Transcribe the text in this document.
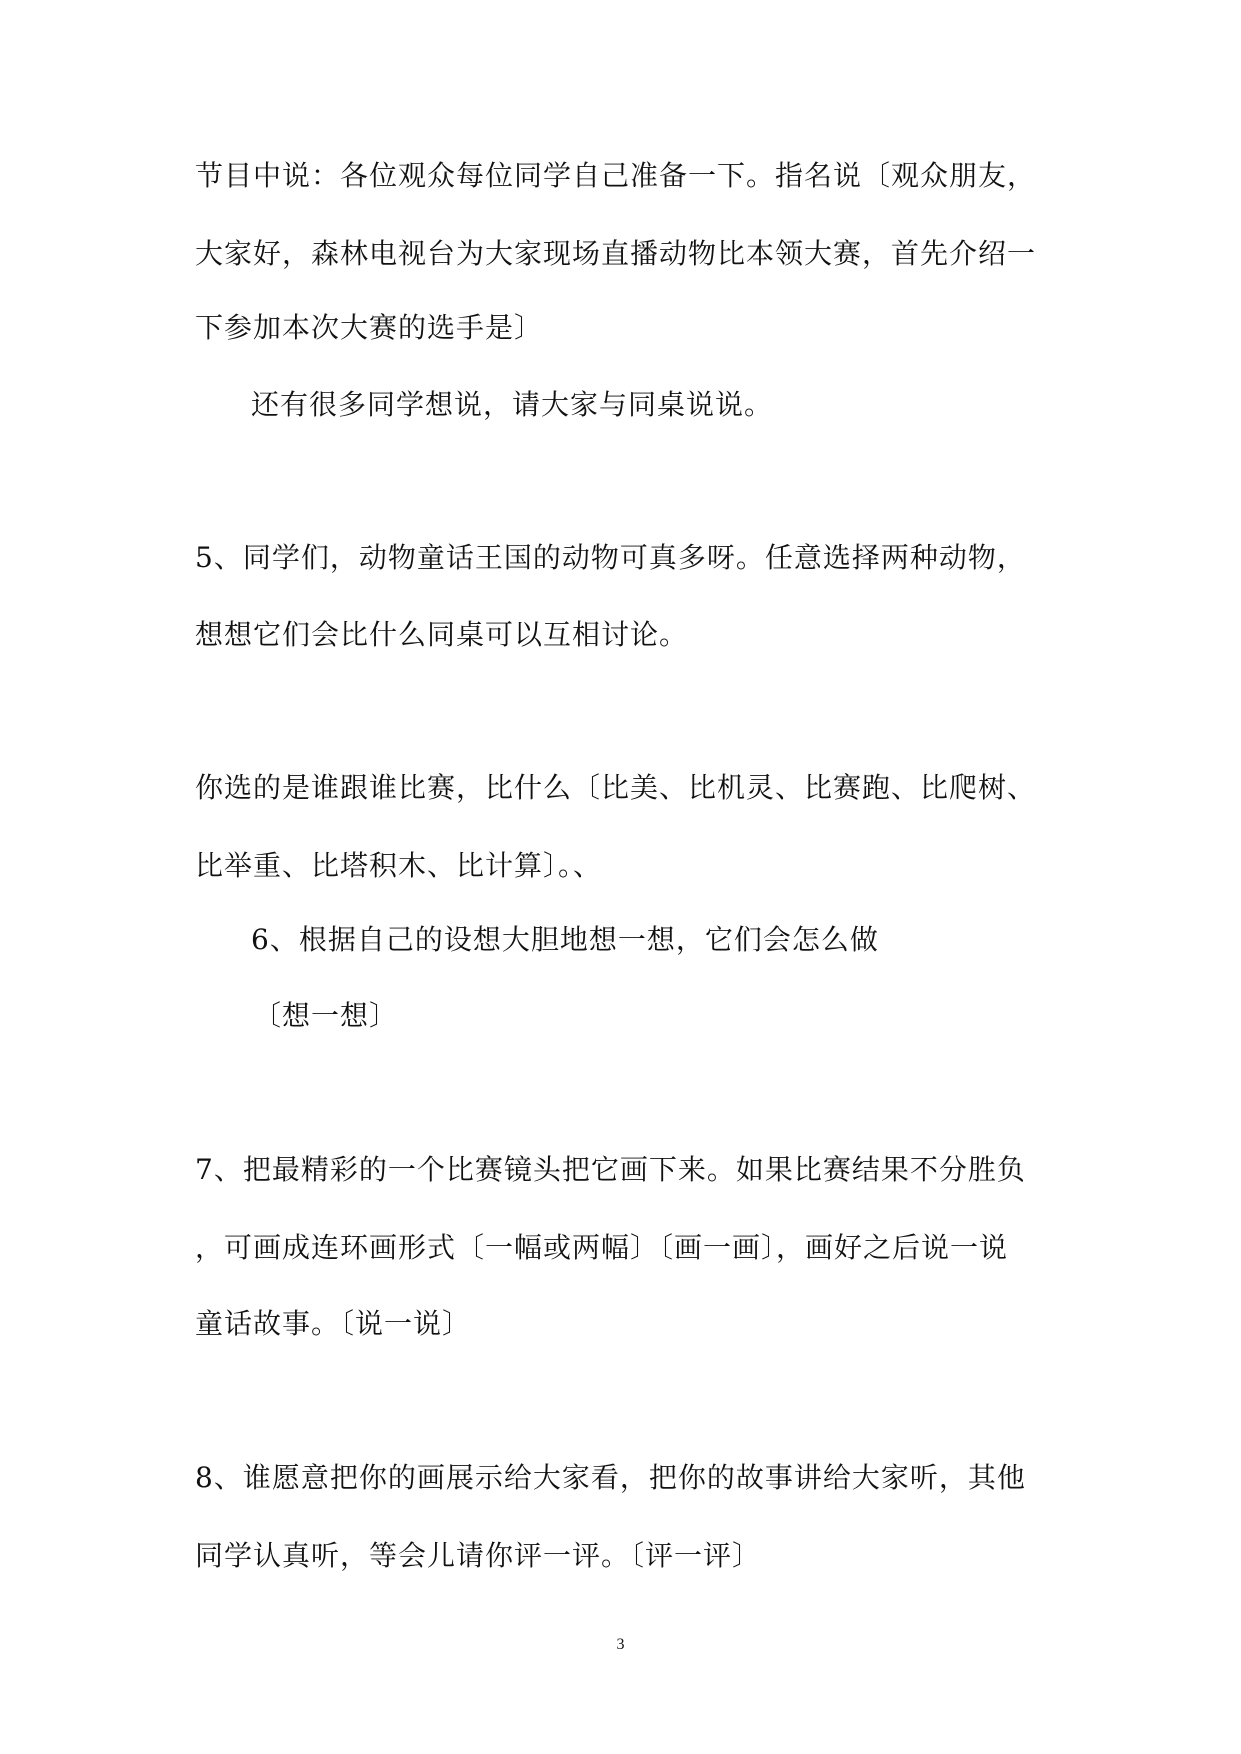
节目中说：各位观众每位同学自己准备一下。指名说〔观众朋友，
大家好，森林电视台为大家现场直播动物比本领大赛，首先介绍一
下参加本次大赛的选手是〕
还有很多同学想说，请大家与同桌说说。
5、同学们，动物童话王国的动物可真多呀。任意选择两种动物，
想想它们会比什么同桌可以互相讨论。
你选的是谁跟谁比赛，比什么〔比美、比机灵、比赛跑、比爬树、
比举重、比塔积木、比计算〕。、
6、根据自己的设想大胆地想一想，它们会怎么做
〔想一想〕
7、把最精彩的一个比赛镜头把它画下来。如果比赛结果不分胜负
，可画成连环画形式〔一幅或两幅〕〔画一画〕，画好之后说一说
童话故事。〔说一说〕
8、谁愿意把你的画展示给大家看，把你的故事讲给大家听，其他
同学认真听，等会儿请你评一评。〔评一评〕
3
